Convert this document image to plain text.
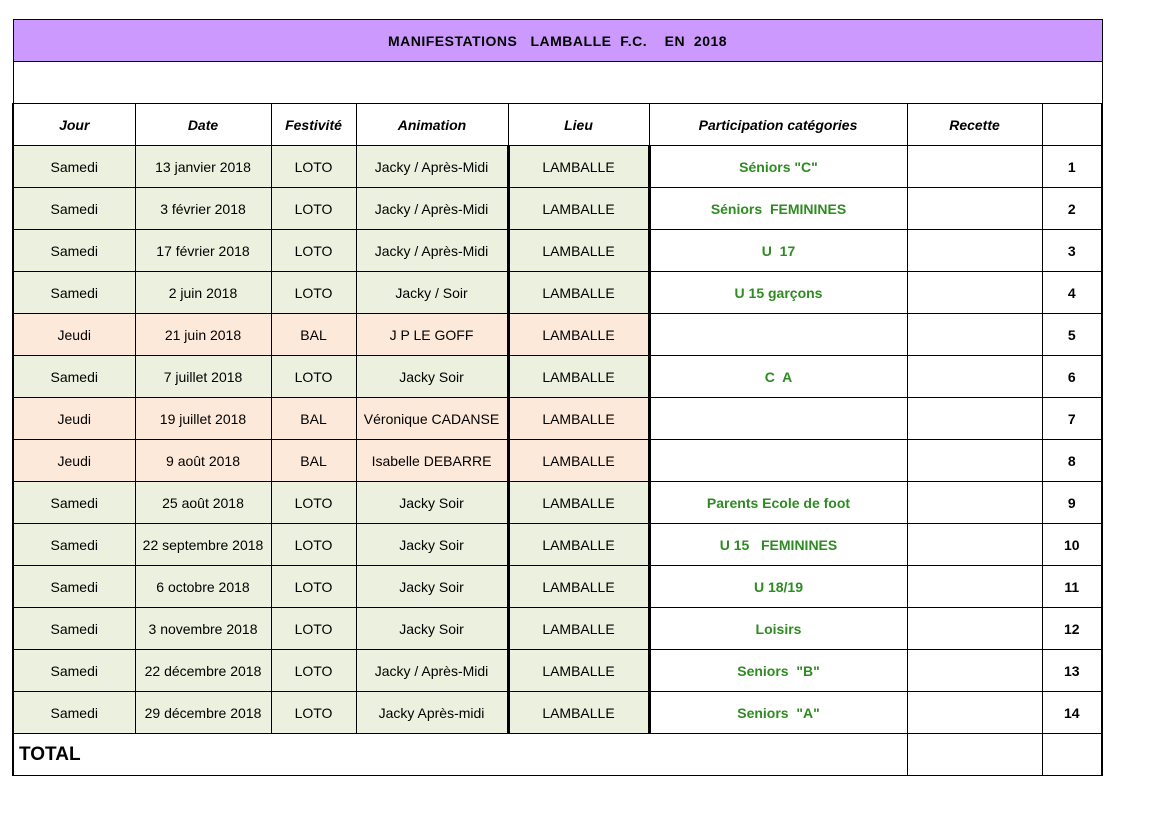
MANIFESTATIONS   LAMBALLE  F.C.    EN  2018							

Jour	Date	Festivité	Animation	Lieu	Participation catégories	Recette	
Samedi	13 janvier 2018	LOTO	Jacky / Après-Midi	LAMBALLE	Séniors "C"		1
Samedi	3 février 2018	LOTO	Jacky / Après-Midi	LAMBALLE	Séniors  FEMININES		2
Samedi	17 février 2018	LOTO	Jacky / Après-Midi	LAMBALLE	U  17		3
Samedi	2 juin 2018	LOTO	Jacky / Soir	LAMBALLE	U 15 garçons		4
Jeudi	21 juin 2018	BAL	J P LE GOFF	LAMBALLE			5
Samedi	7 juillet 2018	LOTO	Jacky Soir	LAMBALLE	C  A		6
Jeudi	19 juillet 2018	BAL	Véronique CADANSE	LAMBALLE			7
Jeudi	9 août 2018	BAL	Isabelle DEBARRE	LAMBALLE			8
Samedi	25 août 2018	LOTO	Jacky Soir	LAMBALLE	Parents Ecole de foot		9
Samedi	22 septembre 2018	LOTO	Jacky Soir	LAMBALLE	U 15   FEMININES		10
Samedi	6 octobre 2018	LOTO	Jacky Soir	LAMBALLE	U 18/19		11
Samedi	3 novembre 2018	LOTO	Jacky Soir	LAMBALLE	Loisirs		12
Samedi	22 décembre 2018	LOTO	Jacky / Après-Midi	LAMBALLE	Seniors  "B"		13
Samedi	29 décembre 2018	LOTO	Jacky Après-midi	LAMBALLE	Seniors  "A"		14
TOTAL							
